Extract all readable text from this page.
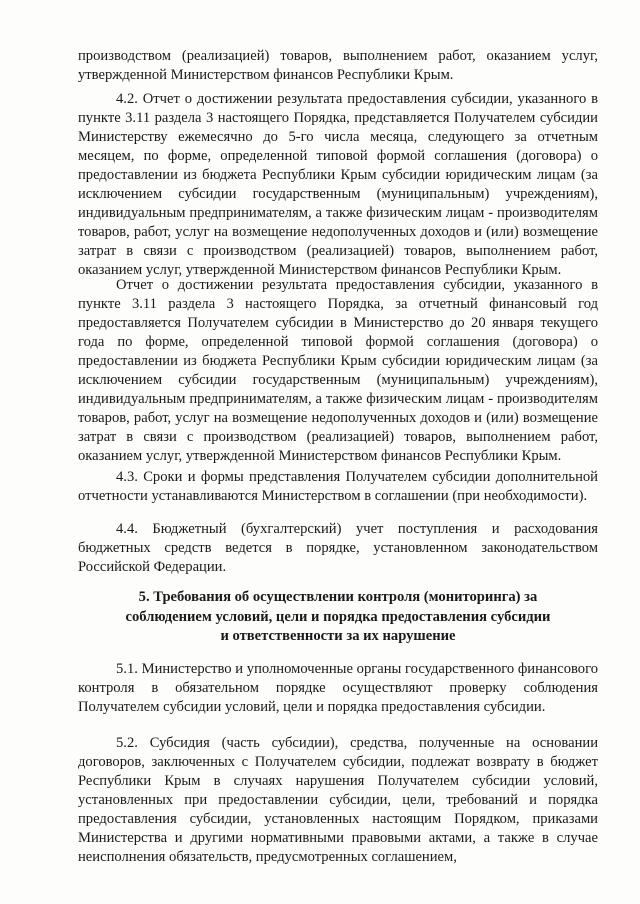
производством (реализацией) товаров, выполнением работ, оказанием услуг, утвержденной Министерством финансов Республики Крым.

4.2. Отчет о достижении результата предоставления субсидии, указанного в пункте 3.11 раздела 3 настоящего Порядка, представляется Получателем субсидии Министерству ежемесячно до 5-го числа месяца, следующего за отчетным месяцем, по форме, определенной типовой формой соглашения (договора) о предоставлении из бюджета Республики Крым субсидии юридическим лицам (за исключением субсидии государственным (муниципальным) учреждениям), индивидуальным предпринимателям, а также физическим лицам - производителям товаров, работ, услуг на возмещение недополученных доходов и (или) возмещение затрат в связи с производством (реализацией) товаров, выполнением работ, оказанием услуг, утвержденной Министерством финансов Республики Крым.

Отчет о достижении результата предоставления субсидии, указанного в пункте 3.11 раздела 3 настоящего Порядка, за отчетный финансовый год предоставляется Получателем субсидии в Министерство до 20 января текущего года по форме, определенной типовой формой соглашения (договора) о предоставлении из бюджета Республики Крым субсидии юридическим лицам (за исключением субсидии государственным (муниципальным) учреждениям), индивидуальным предпринимателям, а также физическим лицам - производителям товаров, работ, услуг на возмещение недополученных доходов и (или) возмещение затрат в связи с производством (реализацией) товаров, выполнением работ, оказанием услуг, утвержденной Министерством финансов Республики Крым.

4.3. Сроки и формы представления Получателем субсидии дополнительной отчетности устанавливаются Министерством в соглашении (при необходимости).

4.4. Бюджетный (бухгалтерский) учет поступления и расходования бюджетных средств ведется в порядке, установленном законодательством Российской Федерации.

5. Требования об осуществлении контроля (мониторинга) за
соблюдением условий, цели и порядка предоставления субсидии
и ответственности за их нарушение

5.1. Министерство и уполномоченные органы государственного финансового контроля в обязательном порядке осуществляют проверку соблюдения Получателем субсидии условий, цели и порядка предоставления субсидии.

5.2. Субсидия (часть субсидии), средства, полученные на основании договоров, заключенных с Получателем субсидии, подлежат возврату в бюджет Республики Крым в случаях нарушения Получателем субсидии условий, установленных при предоставлении субсидии, цели, требований и порядка предоставления субсидии, установленных настоящим Порядком, приказами Министерства и другими нормативными правовыми актами, а также в случае неисполнения обязательств, предусмотренных соглашением,
